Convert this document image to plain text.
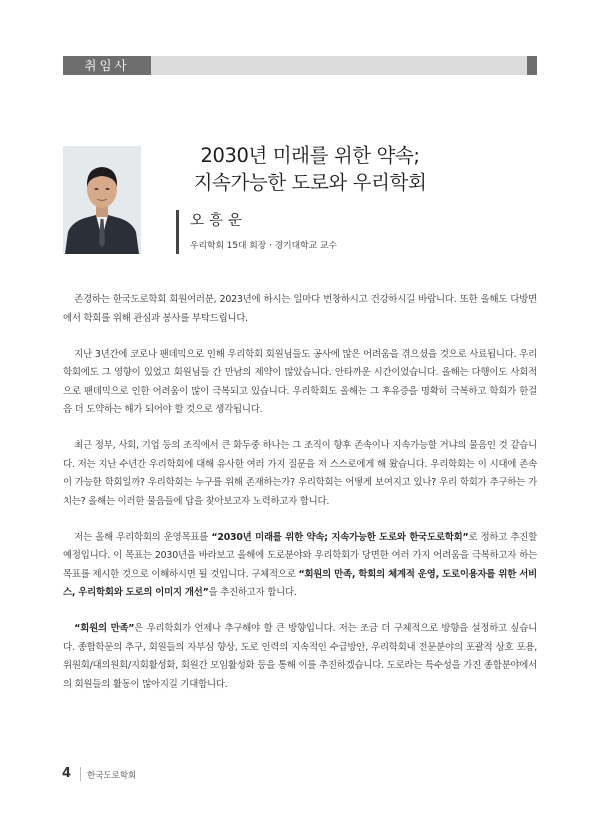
취임사
2030년 미래를 위한 약속;
지속가능한 도로와 우리학회
오흥운
우리학회 15대 회장 · 경기대학교 교수

존경하는 한국도로학회 회원여러분, 2023년에 하시는 일마다 번창하시고 건강하시길 바랍니다. 또한 올해도 다방면에서 학회를 위해 관심과 봉사를 부탁드립니다.

지난 3년간에 코로나 팬데믹으로 인해 우리학회 회원님들도 공사에 많은 어려움을 겪으셨을 것으로 사료됩니다. 우리학회에도 그 영향이 있었고 회원님들 간 만남의 제약이 많았습니다. 안타까운 시간이었습니다. 올해는 다행이도 사회적으로 팬데믹으로 인한 어려움이 많이 극복되고 있습니다. 우리학회도 올해는 그 후유증을 명확히 극복하고 학회가 한걸음 더 도약하는 해가 되어야 할 것으로 생각됩니다.

최근 정부, 사회, 기업 등의 조직에서 큰 화두중 하나는 그 조직이 향후 존속이나 지속가능할 거냐의 물음인 것 같습니다. 저는 지난 수년간 우리학회에 대해 유사한 여러 가지 질문을 저 스스로에게 해 왔습니다. 우리학회는 이 시대에 존속이 가능한 학회일까? 우리학회는 누구를 위해 존재하는가? 우리학회는 어떻게 보여지고 있나? 우리 학회가 추구하는 가치는? 올해는 이러한 물음들에 답을 찾아보고자 노력하고자 합니다.

저는 올해 우리학회의 운영목표를 “2030년 미래를 위한 약속; 지속가능한 도로와 한국도로학회”로 정하고 추진할 예정입니다. 이 목표는 2030년을 바라보고 올해에 도로분야와 우리학회가 당면한 여러 가지 어려움을 극복하고자 하는 목표를 제시한 것으로 이해하시면 될 것입니다. 구체적으로 “회원의 만족, 학회의 체계적 운영, 도로이용자를 위한 서비스, 우리학회와 도로의 이미지 개선”을 추진하고자 합니다.

“회원의 만족”은 우리학회가 언제나 추구해야 할 큰 방향입니다. 저는 조금 더 구체적으로 방향을 설정하고 싶습니다. 종합학문의 추구, 회원들의 자부심 향상, 도로 인력의 지속적인 수급방안, 우리학회내 전문분야의 포괄적 상호 포용, 위원회/대의원회/지회활성화, 회원간 모임활성화 등을 통해 이를 추진하겠습니다. 도로라는 특수성을 가진 종합분야에서의 회원들의 활동이 많아지길 기대합니다.

4 한국도로학회
